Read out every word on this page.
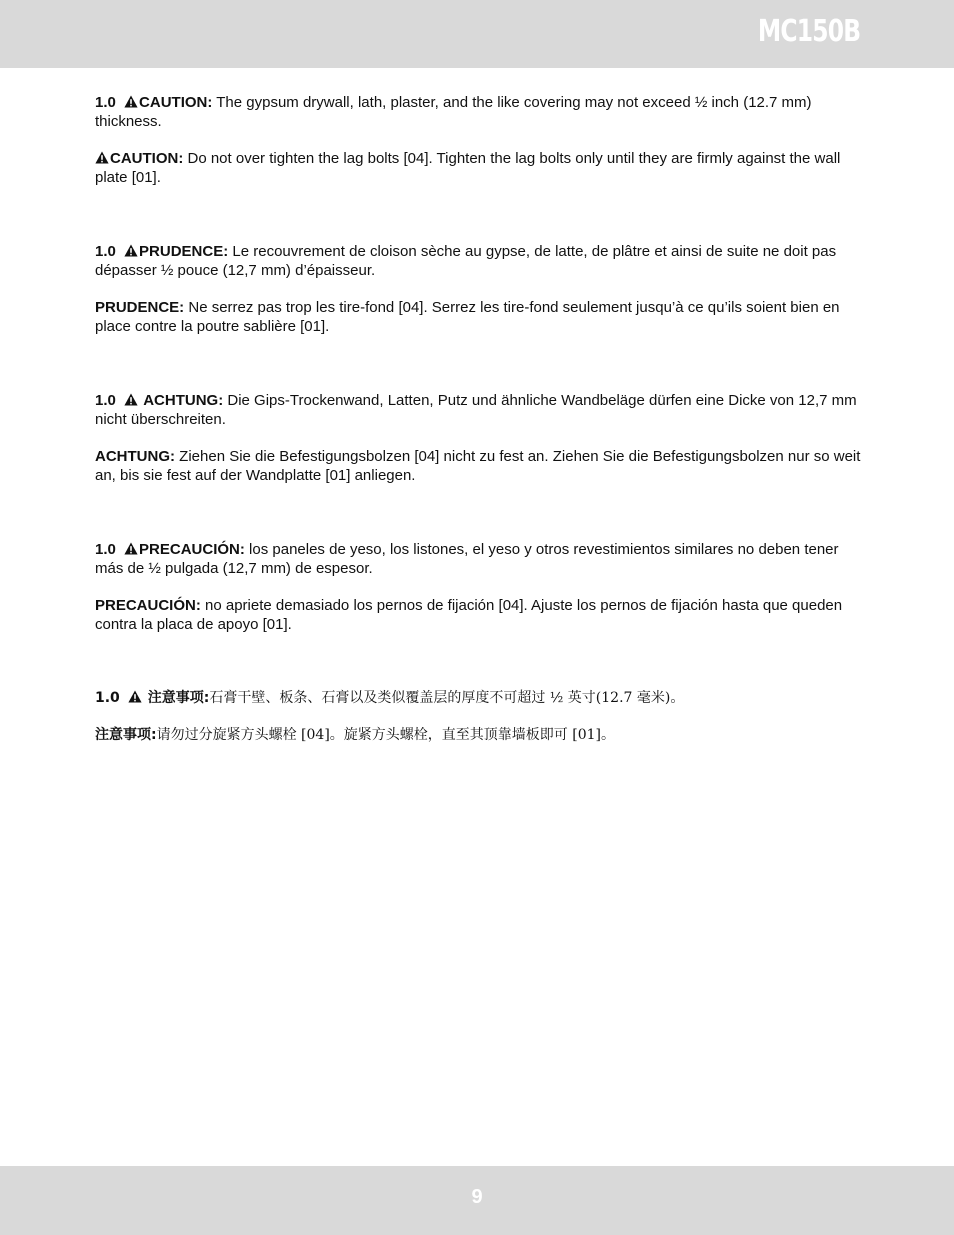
MC150B

1.0 CAUTION: The gypsum drywall, lath, plaster, and the like covering may not exceed ½ inch (12.7 mm) thickness.

CAUTION: Do not over tighten the lag bolts [04]. Tighten the lag bolts only until they are firmly against the wall plate [01].

1.0 PRUDENCE: Le recouvrement de cloison sèche au gypse, de latte, de plâtre et ainsi de suite ne doit pas dépasser ½ pouce (12,7 mm) d’épaisseur.

PRUDENCE: Ne serrez pas trop les tire-fond [04]. Serrez les tire-fond seulement jusqu’à ce qu’ils soient bien en place contre la poutre sablière [01].

1.0 ACHTUNG: Die Gips-Trockenwand, Latten, Putz und ähnliche Wandbeläge dürfen eine Dicke von 12,7 mm nicht überschreiten.

ACHTUNG: Ziehen Sie die Befestigungsbolzen [04] nicht zu fest an. Ziehen Sie die Befestigungsbolzen nur so weit an, bis sie fest auf der Wandplatte [01] anliegen.

1.0 PRECAUCIÓN: los paneles de yeso, los listones, el yeso y otros revestimientos similares no deben tener más de ½ pulgada (12,7 mm) de espesor.

PRECAUCIÓN: no apriete demasiado los pernos de fijación [04]. Ajuste los pernos de fijación hasta que queden contra la placa de apoyo [01].

1.0 注意事项:石膏干壁、板条、石膏以及类似覆盖层的厚度不可超过 ½ 英寸(12.7 毫米)。

注意事项:请勿过分旋紧方头螺栓 [04]。旋紧方头螺栓，直至其顶靠墙板即可 [01]。

9
